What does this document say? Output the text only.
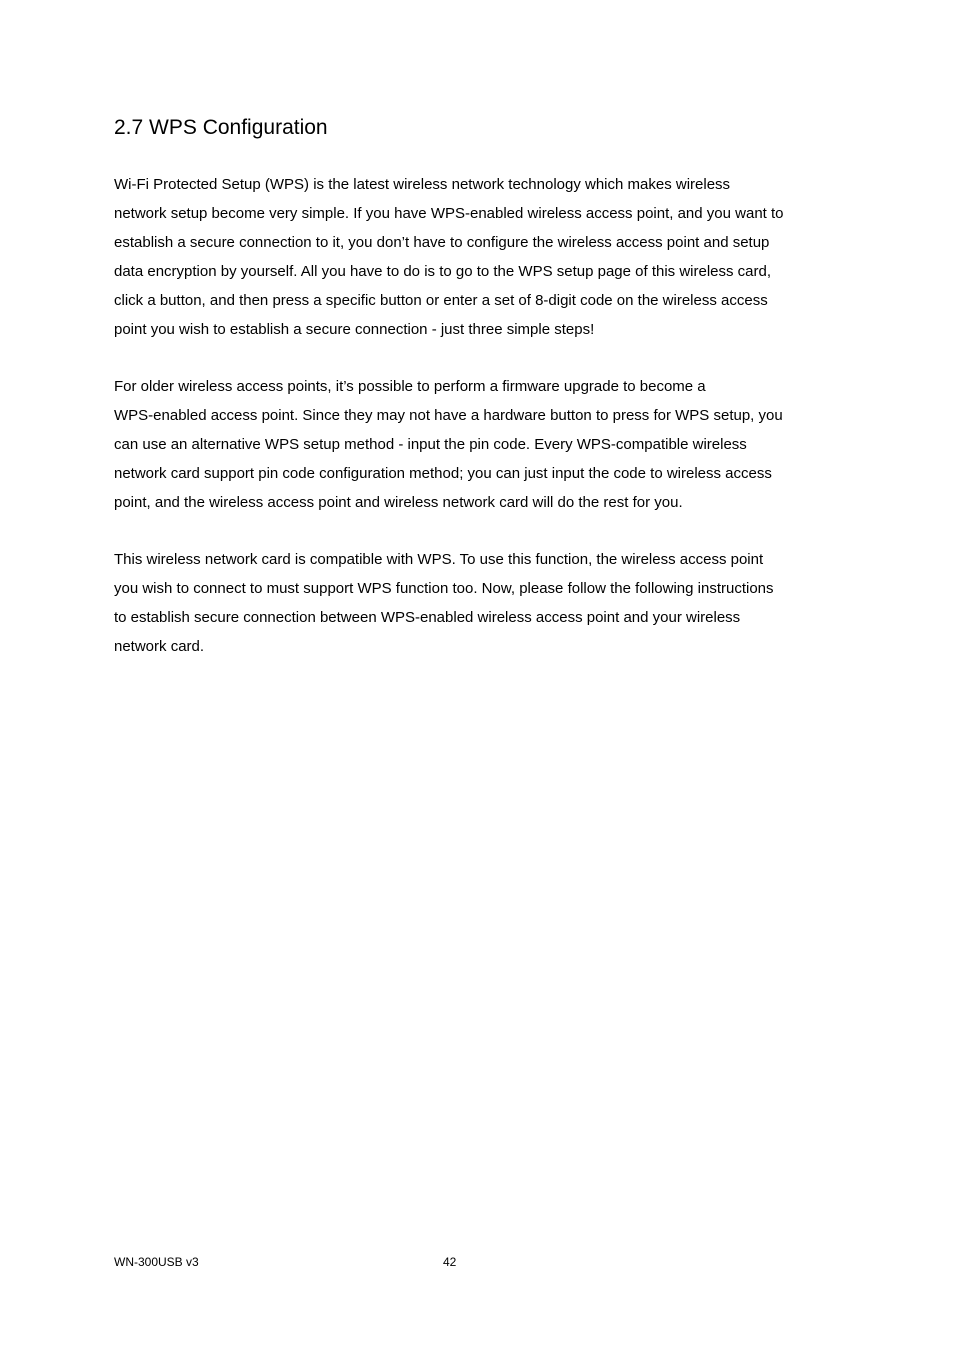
2.7 WPS Configuration

Wi-Fi Protected Setup (WPS) is the latest wireless network technology which makes wireless
network setup become very simple. If you have WPS-enabled wireless access point, and you want to
establish a secure connection to it, you don’t have to configure the wireless access point and setup
data encryption by yourself. All you have to do is to go to the WPS setup page of this wireless card,
click a button, and then press a specific button or enter a set of 8-digit code on the wireless access
point you wish to establish a secure connection - just three simple steps!

For older wireless access points, it’s possible to perform a firmware upgrade to become a
WPS-enabled access point. Since they may not have a hardware button to press for WPS setup, you
can use an alternative WPS setup method - input the pin code. Every WPS-compatible wireless
network card support pin code configuration method; you can just input the code to wireless access
point, and the wireless access point and wireless network card will do the rest for you.

This wireless network card is compatible with WPS. To use this function, the wireless access point
you wish to connect to must support WPS function too. Now, please follow the following instructions
to establish secure connection between WPS-enabled wireless access point and your wireless
network card.

WN-300USB v3	42
